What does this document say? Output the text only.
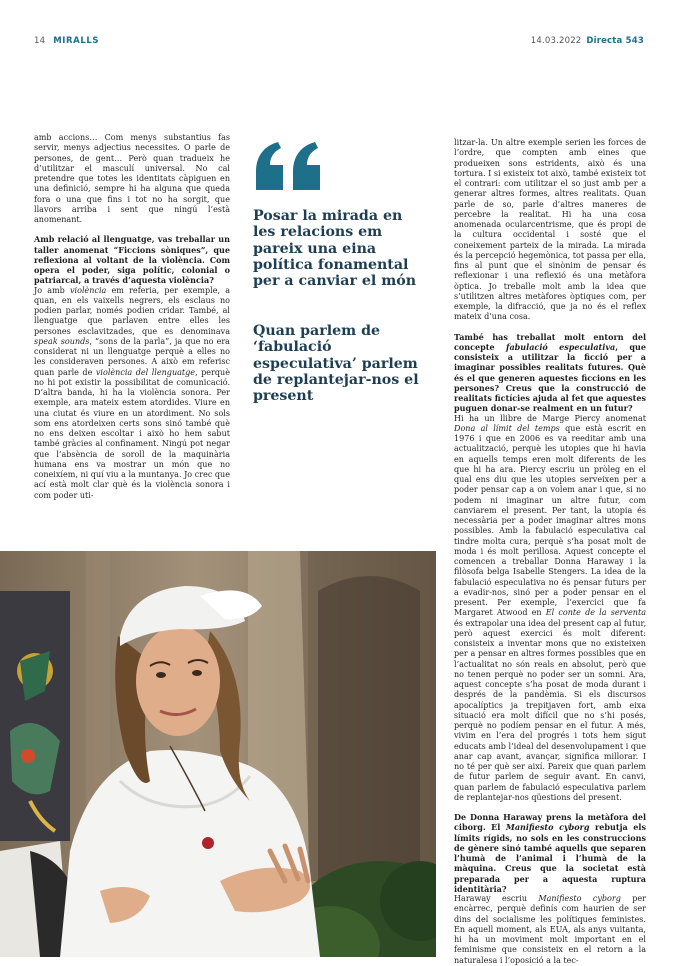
14 MIRALLS	14.03.2022 Directa 543

amb accions… Com menys substantius fas servir, menys adjectius necessites. O parle de persones, de gent… Però quan tradueix he d’utilitzar el masculí universal. No cal pretendre que totes les identitats càpiguen en una definició, sempre hi ha alguna que queda fora o una que fins i tot no ha sorgit, que llavors arriba i sent que ningú l’està anomenant.

Amb relació al llenguatge, vas treballar un taller anomenat “Ficcions sòniques”, que reflexiona al voltant de la violència. Com opera el poder, siga polític, colonial o patriarcal, a través d’aquesta violència?

Jo amb violència em referia, per exemple, a quan, en els vaixells negrers, els esclaus no podien parlar, només podien cridar. També, al llenguatge que parlaven entre elles les persones esclavitzades, que es denominava speak sounds, “sons de la parla”, ja que no era considerat ni un llenguatge perquè a elles no les consideraven persones. A això em referisc quan parle de violència del llenguatge, perquè no hi pot existir la possibilitat de comunicació. D’altra banda, hi ha la violència sonora. Per exemple, ara mateix estem atordides. Viure en una ciutat és viure en un atordiment. No sols som ens atordeixen certs sons sinó també què no ens deixen escoltar i això ho hem sabut també gràcies al confinament. Ningú pot negar que l’absència de soroll de la maquinària humana ens va mostrar un món que no coneixíem, ni quí viu a la muntanya. Jo crec que ací està molt clar què és la violència sonora i com poder uti-

Posar la mirada en les relacions em pareix una eina política fonamental per a canviar el món

Quan parlem de ‘fabulació especulativa’ parlem de replantejar-nos el present

litzar-la. Un altre exemple serien les forces de l’ordre, que compten amb eines que produeixen sons estridents, això és una tortura. I si existeix tot això, també existeix tot el contrari: com utilitzar el so just amb per a generar altres formes, altres realitats. Quan parle de so, parle d’altres maneres de percebre la realitat. Hi ha una cosa anomenada ocularcentrisme, que és propi de la cultura occidental i sosté que el coneixement parteix de la mirada. La mirada és la percepció hegemònica, tot passa per ella, fins al punt que el sinònim de pensar és reflexionar i una reflexió és una metàfora òptica. Jo treballe molt amb la idea que s’utilitzen altres metàfores òptiques com, per exemple, la difracció, que ja no és el reflex mateix d’una cosa.

També has treballat molt entorn del concepte fabulació especulativa, que consisteix a utilitzar la ficció per a imaginar possibles realitats futures. Què és el que generen aquestes ficcions en les persones? Creus que la construcció de realitats fictícies ajuda al fet que aquestes puguen donar-se realment en un futur?

Hi ha un llibre de Marge Piercy anomenat Dona al límit del temps que està escrit en 1976 i que en 2006 es va reeditar amb una actualització, perquè les utopies que hi havia en aquells temps eren molt diferents de les que hi ha ara. Piercy escriu un pròleg en el qual ens diu que les utopies serveixen per a poder pensar cap a on volem anar i que, si no podem ni imaginar un altre futur, com canviarem el present. Per tant, la utopia és necessària per a poder imaginar altres mons possibles. Amb la fabulació especulativa cal tindre molta cura, perquè s’ha posat molt de moda i és molt perillosa. Aquest concepte el comencen a treballar Donna Haraway i la filòsofa belga Isabelle Stengers. La idea de la fabulació especulativa no és pensar futurs per a evadir-nos, sinó per a poder pensar en el present. Per exemple, l’exercici que fa Margaret Atwood en El conte de la serventa és extrapolar una idea del present cap al futur, però aquest exercici és molt diferent: consisteix a inventar mons que no existeixen per a pensar en altres formes possibles que en l’actualitat no són reals en absolut, però que no tenen perquè no poder ser un somni. Ara, aquest concepte s’ha posat de moda durant i després de la pandèmia. Si els discursos apocalíptics ja trepitjaven fort, amb eixa situació era molt difícil que no s’hi posés, perquè no podíem pensar en el futur. A més, vivim en l’era del progrés i tots hem sigut educats amb l’ideal del desenvolupament i que anar cap avant, avançar, significa millorar. I no té per què ser així. Pareix que quan parlem de futur parlem de seguir avant. En canvi, quan parlem de fabulació especulativa parlem de replantejar-nos qüestions del present.

De Donna Haraway prens la metàfora del ciborg. El Manifiesto cyborg rebutja els límits rígids, no sols en les construccions de gènere sinó també aquells que separen l’humà de l’animal i l’humà de la màquina. Creus que la societat està preparada per a aquesta ruptura identitària?

Haraway escriu Manifiesto cyborg per encàrrec, perquè definís com haurien de ser dins del socialisme les polítiques feministes. En aquell moment, als EUA, als anys vuitanta, hi ha un moviment molt important en el feminisme que consisteix en el retorn a la naturalesa i l’oposició a la tec-
